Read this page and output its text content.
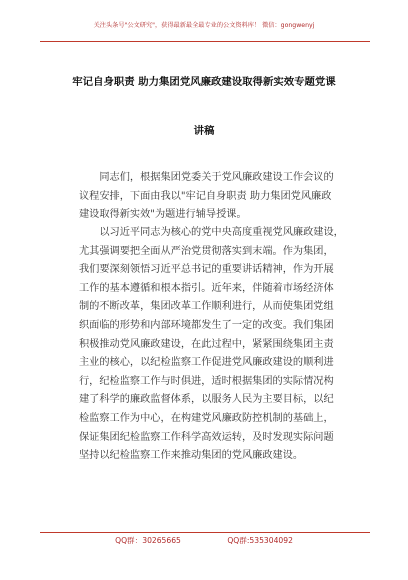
关注头条号"公文研究"，获得最新最全最专业的公文资料库！ 微信：gongwenyj
牢记自身职责 助力集团党风廉政建设取得新实效专题党课
讲稿
　　同志们，根据集团党委关于党风廉政建设工作会议的
议程安排，下面由我以"牢记自身职责 助力集团党风廉政
建设取得新实效"为题进行辅导授课。
　　以习近平同志为核心的党中央高度重视党风廉政建设，
尤其强调要把全面从严治党贯彻落实到末端。作为集团，
我们要深刻领悟习近平总书记的重要讲话精神，作为开展
工作的基本遵循和根本指引。近年来，伴随着市场经济体
制的不断改革，集团改革工作顺利进行，从而使集团党组
织面临的形势和内部环境都发生了一定的改变。我们集团
积极推动党风廉政建设，在此过程中，紧紧围绕集团主责
主业的核心，以纪检监察工作促进党风廉政建设的顺利进
行，纪检监察工作与时俱进，适时根据集团的实际情况构
建了科学的廉政监督体系，以服务人民为主要目标，以纪
检监察工作为中心，在构建党风廉政防控机制的基础上，
保证集团纪检监察工作科学高效运转，及时发现实际问题
坚持以纪检监察工作来推动集团的党风廉政建设。
QQ群：30265665	QQ群:535304092
